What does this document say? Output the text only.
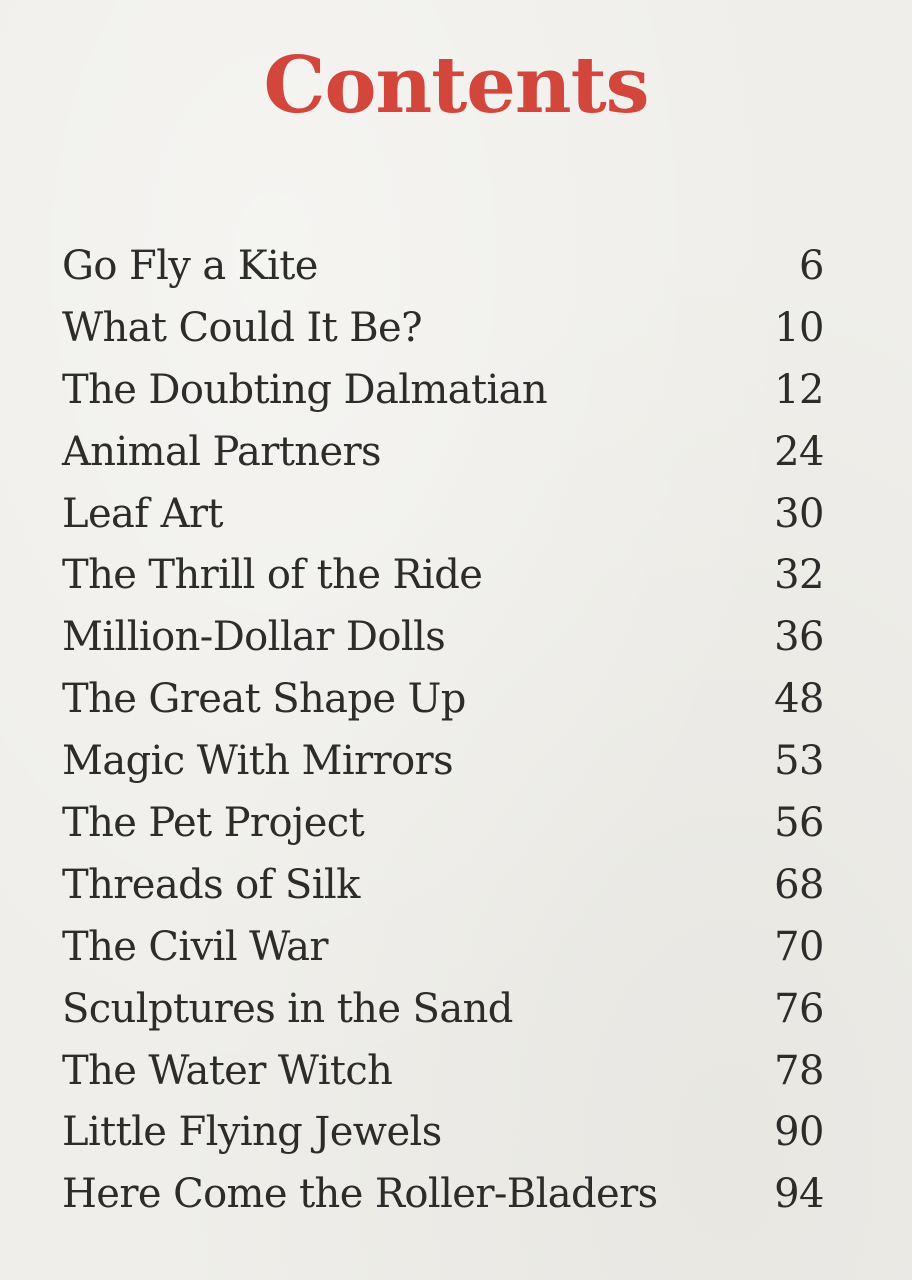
Contents
Go Fly a Kite	6
What Could It Be?	10
The Doubting Dalmatian	12
Animal Partners	24
Leaf Art	30
The Thrill of the Ride	32
Million-Dollar Dolls	36
The Great Shape Up	48
Magic With Mirrors	53
The Pet Project	56
Threads of Silk	68
The Civil War	70
Sculptures in the Sand	76
The Water Witch	78
Little Flying Jewels	90
Here Come the Roller-Bladers	94
